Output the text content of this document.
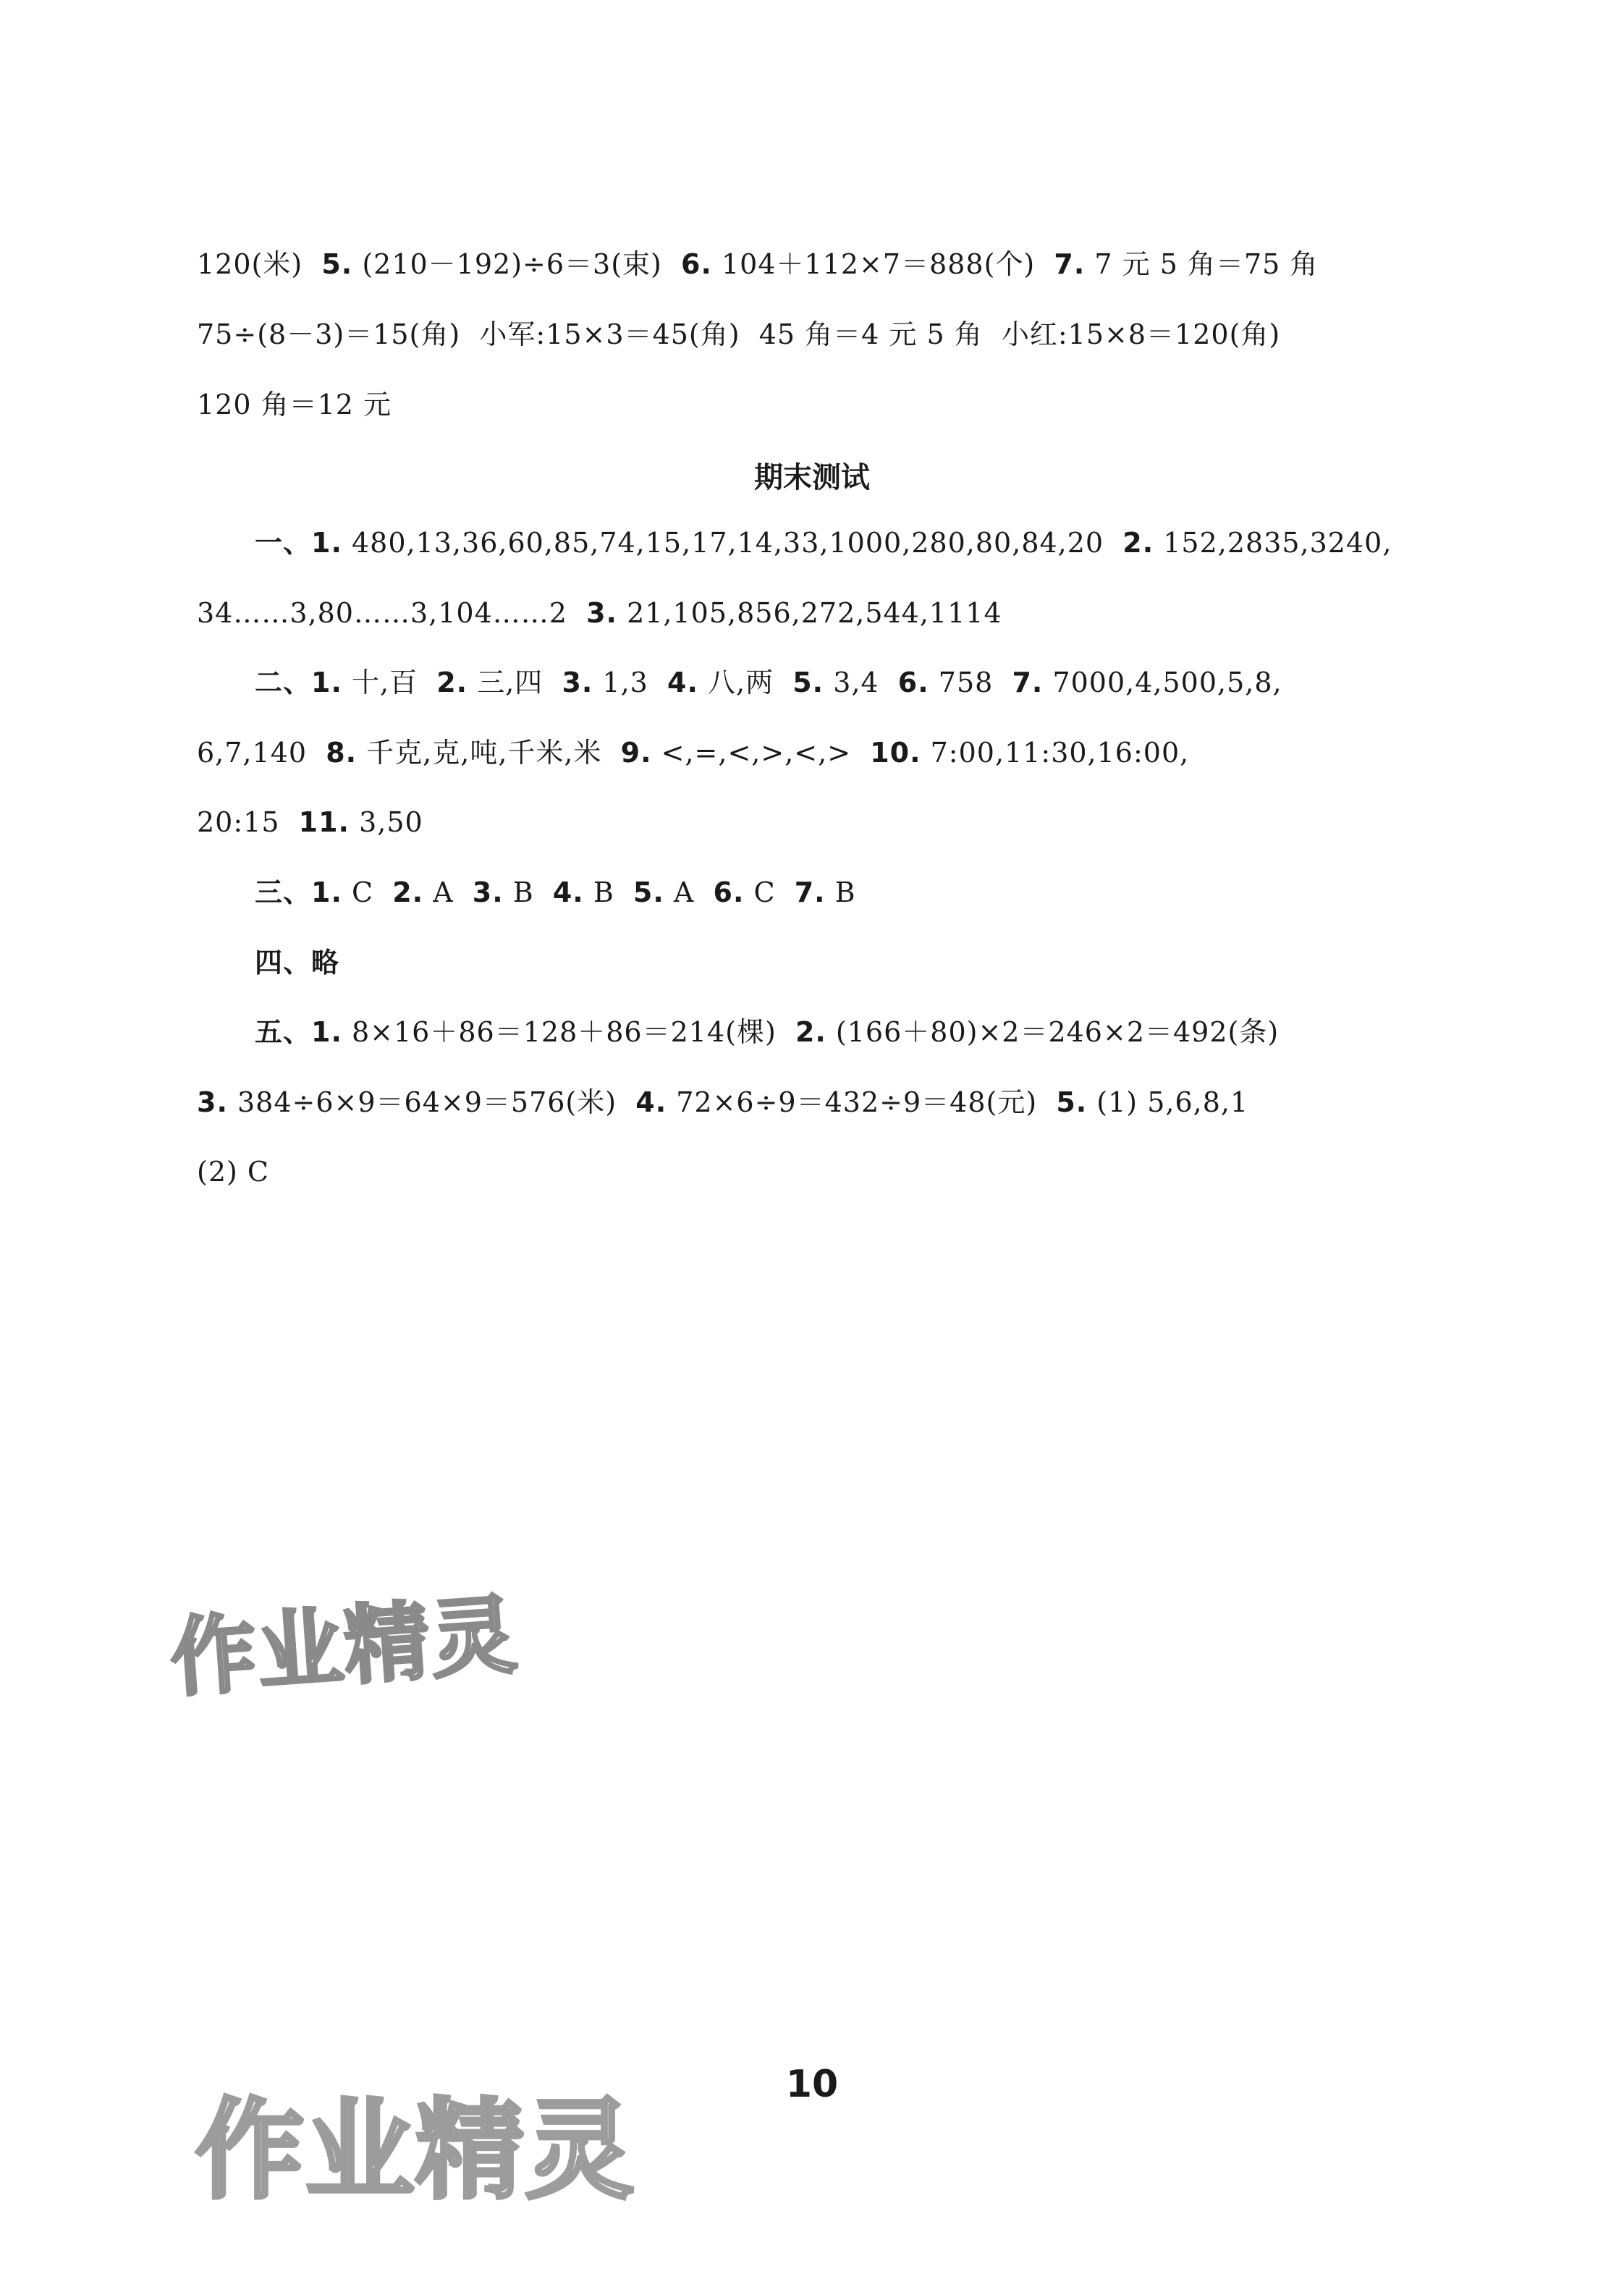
120(米)  5. (210－192)÷6＝3(束)  6. 104＋112×7＝888(个)  7. 7 元 5 角＝75 角
75÷(8－3)＝15(角)  小军:15×3＝45(角)  45 角＝4 元 5 角  小红:15×8＝120(角)
120 角＝12 元
期末测试
一、1. 480,13,36,60,85,74,15,17,14,33,1000,280,80,84,20  2. 152,2835,3240,
34……3,80……3,104……2  3. 21,105,856,272,544,1114
二、1. 十,百  2. 三,四  3. 1,3  4. 八,两  5. 3,4  6. 758  7. 7000,4,500,5,8,
6,7,140  8. 千克,克,吨,千米,米  9. <,=,<,>,<,>  10. 7:00,11:30,16:00,
20:15  11. 3,50
三、1. C  2. A  3. B  4. B  5. A  6. C  7. B
四、略
五、1. 8×16＋86＝128＋86＝214(棵)  2. (166＋80)×2＝246×2＝492(条)
3. 384÷6×9＝64×9＝576(米)  4. 72×6÷9＝432÷9＝48(元)  5. (1) 5,6,8,1
(2) C
作业精灵
作业精灵
10
